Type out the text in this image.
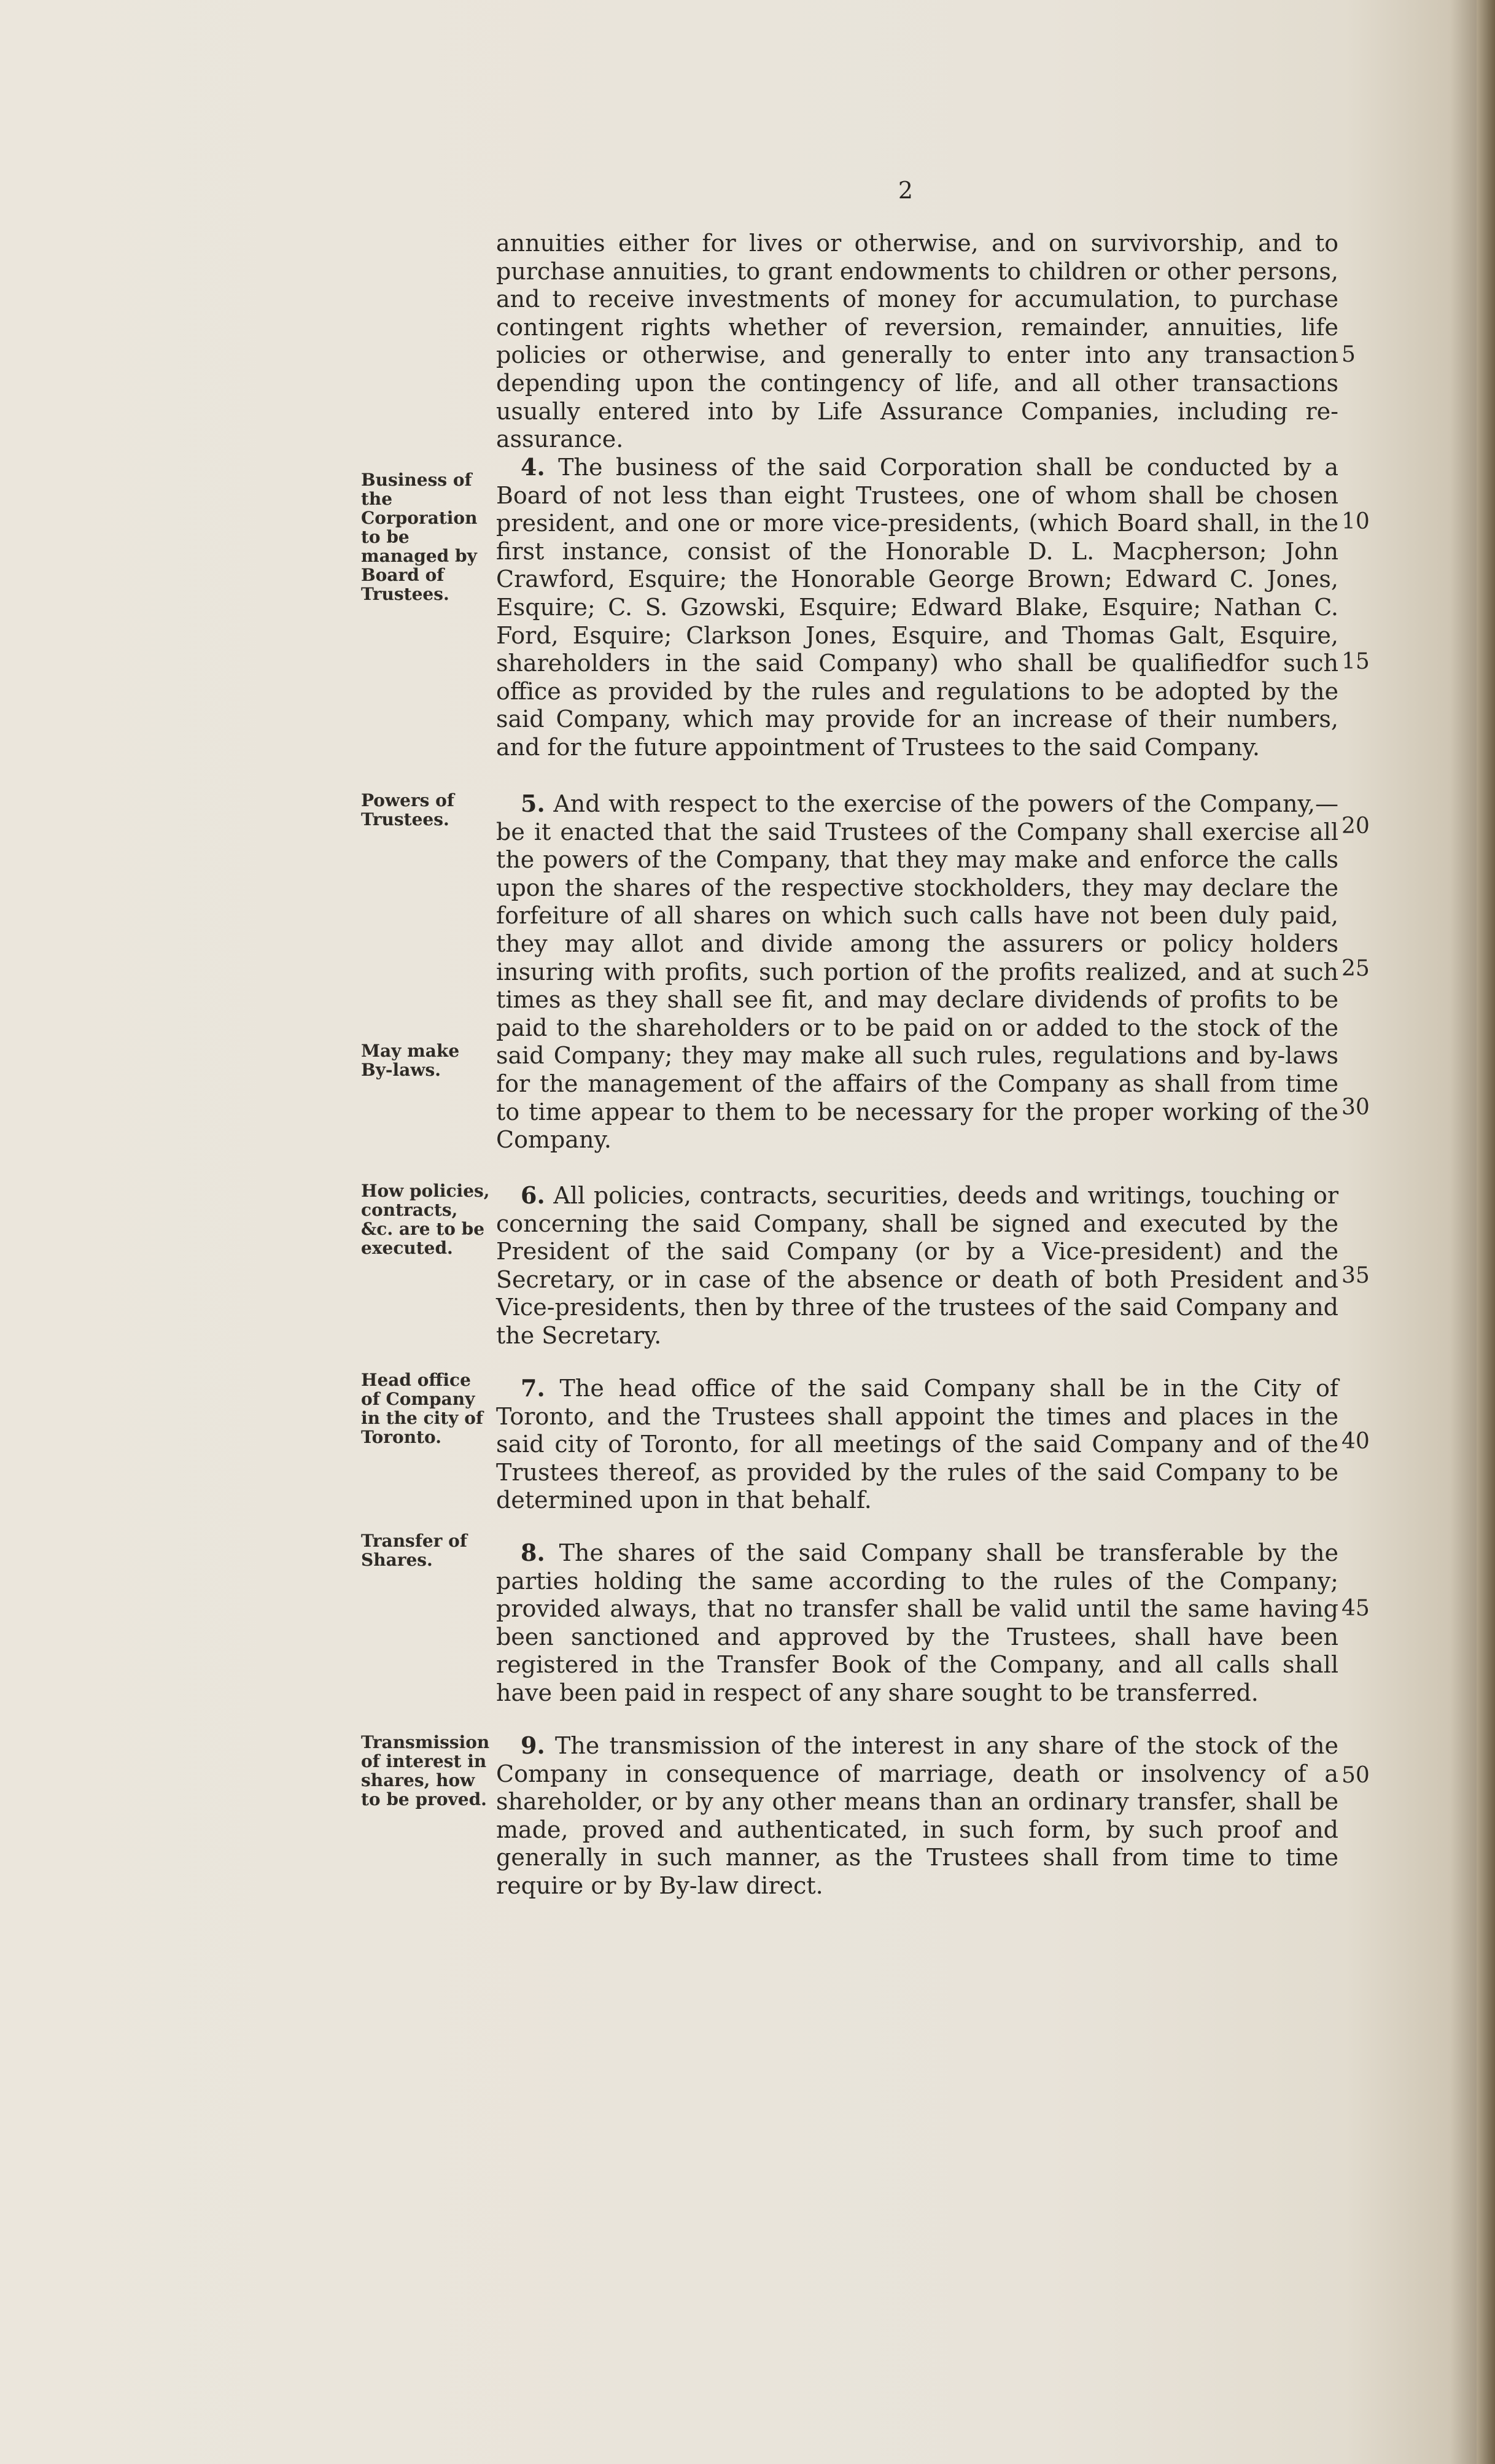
2
annuities either for lives or otherwise, and on survivorship, and to purchase annuities, to grant endowments to children or other persons, and to receive investments of money for accumulation, to purchase contingent rights whether of reversion, remainder, annuities, life policies or otherwise, and generally to enter into any transaction depending upon the contingency of life, and all other transactions usually entered into by Life Assurance Companies, including re-assurance.
4. The business of the said Corporation shall be conducted by a Board of not less than eight Trustees, one of whom shall be chosen president, and one or more vice-presidents, (which Board shall, in the first instance, consist of the Honorable D. L. Macpherson; John Crawford, Esquire; the Honorable George Brown; Edward C. Jones, Esquire; C. S. Gzowski, Esquire; Edward Blake, Esquire; Nathan C. Ford, Esquire; Clarkson Jones, Esquire, and Thomas Galt, Esquire, shareholders in the said Company) who shall be qualifiedfor such office as provided by the rules and regulations to be adopted by the said Company, which may provide for an increase of their numbers, and for the future appointment of Trustees to the said Company.
5. And with respect to the exercise of the powers of the Company,— be it enacted that the said Trustees of the Company shall exercise all the powers of the Company, that they may make and enforce the calls upon the shares of the respective stockholders, they may declare the forfeiture of all shares on which such calls have not been duly paid, they may allot and divide among the assurers or policy holders insuring with profits, such portion of the profits realized, and at such times as they shall see fit, and may declare dividends of profits to be paid to the shareholders or to be paid on or added to the stock of the said Company; they may make all such rules, regulations and by-laws for the management of the affairs of the Company as shall from time to time appear to them to be necessary for the proper working of the Company.
6. All policies, contracts, securities, deeds and writings, touching or concerning the said Company, shall be signed and executed by the President of the said Company (or by a Vice-president) and the Secretary, or in case of the absence or death of both President and Vice-presidents, then by three of the trustees of the said Company and the Secretary.
7. The head office of the said Company shall be in the City of Toronto, and the Trustees shall appoint the times and places in the said city of Toronto, for all meetings of the said Company and of the Trustees thereof, as provided by the rules of the said Company to be determined upon in that behalf.
8. The shares of the said Company shall be transferable by the parties holding the same according to the rules of the Company; provided always, that no transfer shall be valid until the same having been sanctioned and approved by the Trustees, shall have been registered in the Transfer Book of the Company, and all calls shall have been paid in respect of any share sought to be transferred.
9. The transmission of the interest in any share of the stock of the Company in consequence of marriage, death or insolvency of a shareholder, or by any other means than an ordinary transfer, shall be made, proved and authenticated, in such form, by such proof and generally in such manner, as the Trustees shall from time to time require or by By-law direct.
Business of the Corporation to be managed by Board of Trustees.
Powers of Trustees.
May make By-laws.
How policies, contracts, &c. are to be executed.
Head office of Company in the city of Toronto.
Transfer of Shares.
Transmission of interest in shares, how to be proved.
5
10
15
20
25
30
35
40
45
50
